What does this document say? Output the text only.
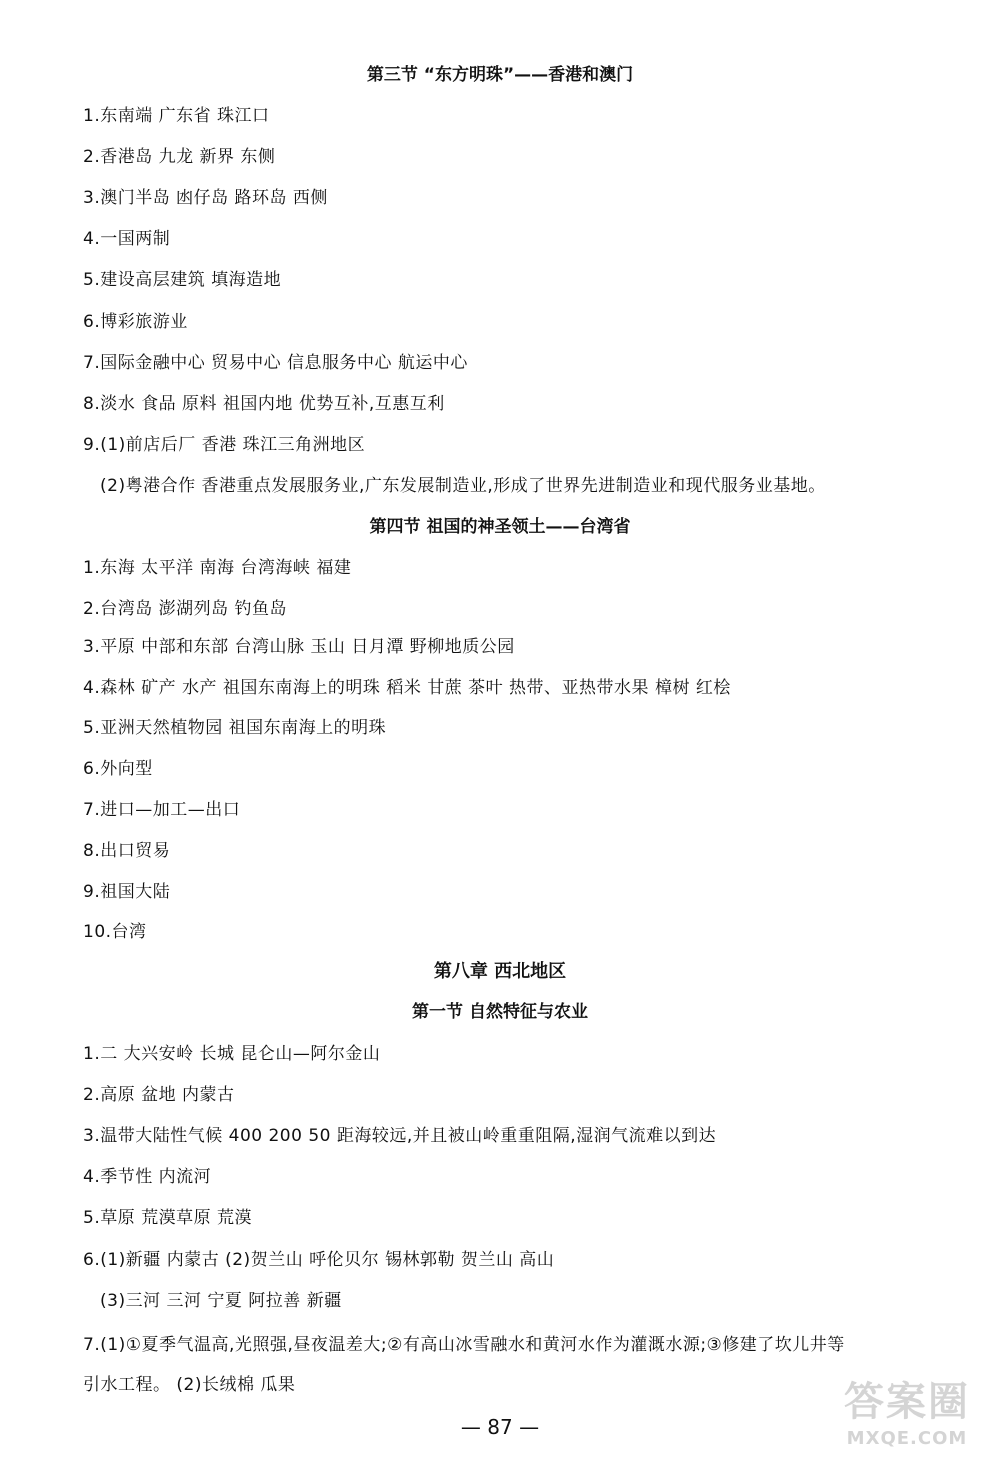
第三节 “东方明珠”——香港和澳门
1.东南端 广东省 珠江口
2.香港岛 九龙 新界 东侧
3.澳门半岛 凼仔岛 路环岛 西侧
4.一国两制
5.建设高层建筑 填海造地
6.博彩旅游业
7.国际金融中心 贸易中心 信息服务中心 航运中心
8.淡水 食品 原料 祖国内地 优势互补,互惠互利
9.(1)前店后厂 香港 珠江三角洲地区
(2)粤港合作 香港重点发展服务业,广东发展制造业,形成了世界先进制造业和现代服务业基地。
第四节 祖国的神圣领土——台湾省
1.东海 太平洋 南海 台湾海峡 福建
2.台湾岛 澎湖列岛 钓鱼岛
3.平原 中部和东部 台湾山脉 玉山 日月潭 野柳地质公园
4.森林 矿产 水产 祖国东南海上的明珠 稻米 甘蔗 茶叶 热带、亚热带水果 樟树 红桧
5.亚洲天然植物园 祖国东南海上的明珠
6.外向型
7.进口—加工—出口
8.出口贸易
9.祖国大陆
10.台湾
第八章 西北地区
第一节 自然特征与农业
1.二 大兴安岭 长城 昆仑山—阿尔金山
2.高原 盆地 内蒙古
3.温带大陆性气候 400 200 50 距海较远,并且被山岭重重阻隔,湿润气流难以到达
4.季节性 内流河
5.草原 荒漠草原 荒漠
6.(1)新疆 内蒙古 (2)贺兰山 呼伦贝尔 锡林郭勒 贺兰山 高山
(3)三河 三河 宁夏 阿拉善 新疆
7.(1)①夏季气温高,光照强,昼夜温差大;②有高山冰雪融水和黄河水作为灌溉水源;③修建了坎儿井等
引水工程。 (2)长绒棉 瓜果
— 87 —
答案圈
MXQE.COM
